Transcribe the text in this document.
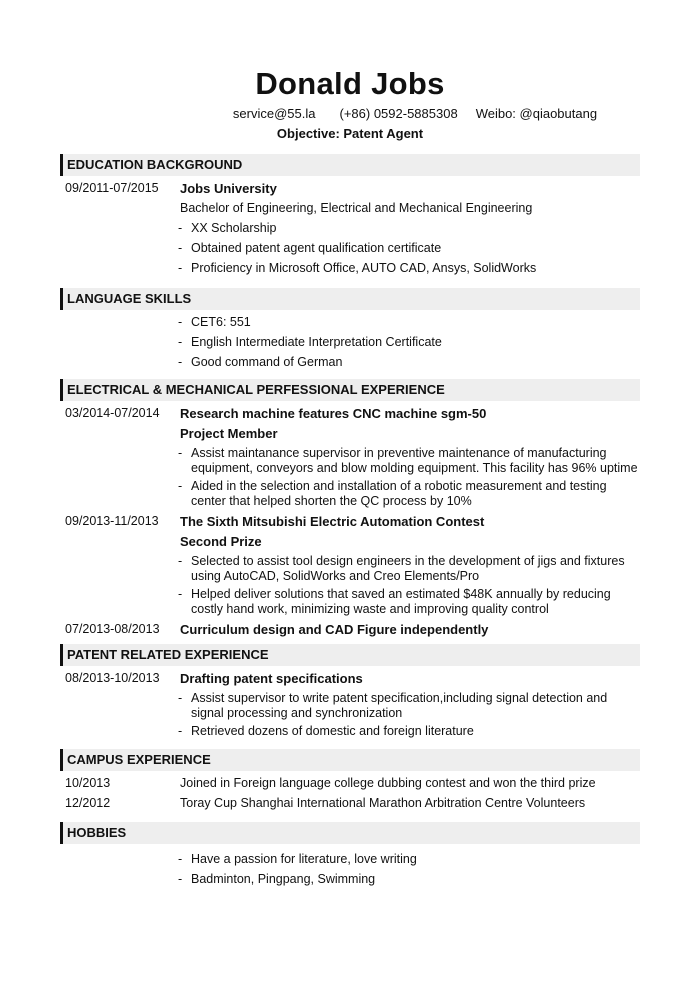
Donald Jobs
service@55.la (+86) 0592-5885308 Weibo: @qiaobutang
Objective: Patent Agent
EDUCATION BACKGROUND
09/2011-07/2015 Jobs University
Bachelor of Engineering, Electrical and Mechanical Engineering
- XX Scholarship
- Obtained patent agent qualification certificate
- Proficiency in Microsoft Office, AUTO CAD, Ansys, SolidWorks
LANGUAGE SKILLS
- CET6: 551
- English Intermediate Interpretation Certificate
- Good command of German
ELECTRICAL & MECHANICAL PERFESSIONAL EXPERIENCE
03/2014-07/2014 Research machine features CNC machine sgm-50
Project Member
- Assist maintanance supervisor in preventive maintenance of manufacturing equipment, conveyors and blow molding equipment. This facility has 96% uptime
- Aided in the selection and installation of a robotic measurement and testing center that helped shorten the QC process by 10%
09/2013-11/2013 The Sixth Mitsubishi Electric Automation Contest
Second Prize
- Selected to assist tool design engineers in the development of jigs and fixtures using AutoCAD, SolidWorks and Creo Elements/Pro
- Helped deliver solutions that saved an estimated $48K annually by reducing costly hand work, minimizing waste and improving quality control
07/2013-08/2013 Curriculum design and CAD Figure independently
PATENT RELATED EXPERIENCE
08/2013-10/2013 Drafting patent specifications
- Assist supervisor to write patent specification,including signal detection and signal processing and synchronization
- Retrieved dozens of domestic and foreign literature
CAMPUS EXPERIENCE
10/2013	Joined in Foreign language college dubbing contest and won the third prize
12/2012	Toray Cup Shanghai International Marathon Arbitration Centre Volunteers
HOBBIES
- Have a passion for literature, love writing
- Badminton, Pingpang, Swimming
